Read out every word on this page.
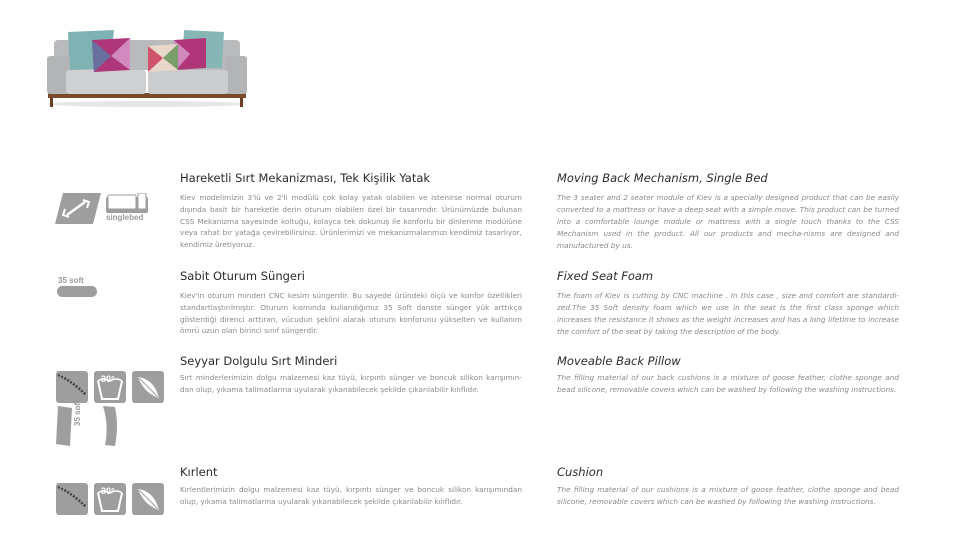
singlebed
35 soft
30°
35 soft
30°
Hareketli Sırt Mekanizması, Tek Kişilik Yatak
Kiev modelimizin 3'lü ve 2'li modülü çok kolay yatak olabilen ve istenirse normal oturum dışında basit bir hareketle derin oturum olabilen özel bir tasarımdır. Ürünümüzde bulunan CSS Mekanizma sayesinde koltuğu, kolayca tek dokunuş ile konforlu bir dinlenme modülüne veya rahat bir yatağa çevirebilirsiniz. Ürünlerimizi ve mekanizmalarımızı kendimiz tasarlıyor, kendimiz üretiyoruz.
Moving Back Mechanism, Single Bed
The 3 seater and 2 seater module of Kiev is a specially designed product that can be easily converted to a mattress or have a deep seat with a simple move. This product can be turned into a comfortable lounge module or mattress with a single touch thanks to the CSS Mechanism used in the product. All our products and mecha-nisms are designed and manufactured by us.
Sabit Oturum Süngeri
Kiev'in oturum minderi CNC kesim süngerdir. Bu sayede üründeki ölçü ve konfor özellikleri standartlaştırılmıştır. Oturum kısmında kullandığımız 35 Soft danste sünger yük arttıkça gösterdiği direnci arttıran, vücudun şeklini alarak oturum konforunu yükselten ve kullanım ömrü uzun olan birinci sınıf süngerdir.
Fixed Seat Foam
The foam of Kiev is cutting by CNC machine . In this case , size and comfort are standardi-zed.The 35 Soft density foam which we use in the seat is the first class sponge which increases the resistance it shows as the weight increases and has a long lifetime to increase the comfort of the seat by taking the description of the body.
Seyyar Dolgulu Sırt Minderi
Sırt minderlerimizin dolgu malzemesi kaz tüyü, kırpıntı sünger ve boncuk silikon karışımın-dan olup, yıkama talimatlarına uyularak yıkanabilecek şekilde çıkarılabilir kılıflıdır.
Moveable Back Pillow
The filling material of our back cushions is a mixture of goose feather, clothe sponge and bead silicone, removable covers which can be washed by following the washing instructions.
Kırlent
Kırlentlerimizin dolgu malzemesi kaz tüyü, kırpıntı sünger ve boncuk silikon karışımından olup, yıkama talimatlarına uyularak yıkanabilecek şekilde çıkarılabilir kılıflıdır.
Cushion
The filling material of our cushions is a mixture of goose feather, clothe sponge and bead silicone, removable covers which can be washed by following the washing instructions.
